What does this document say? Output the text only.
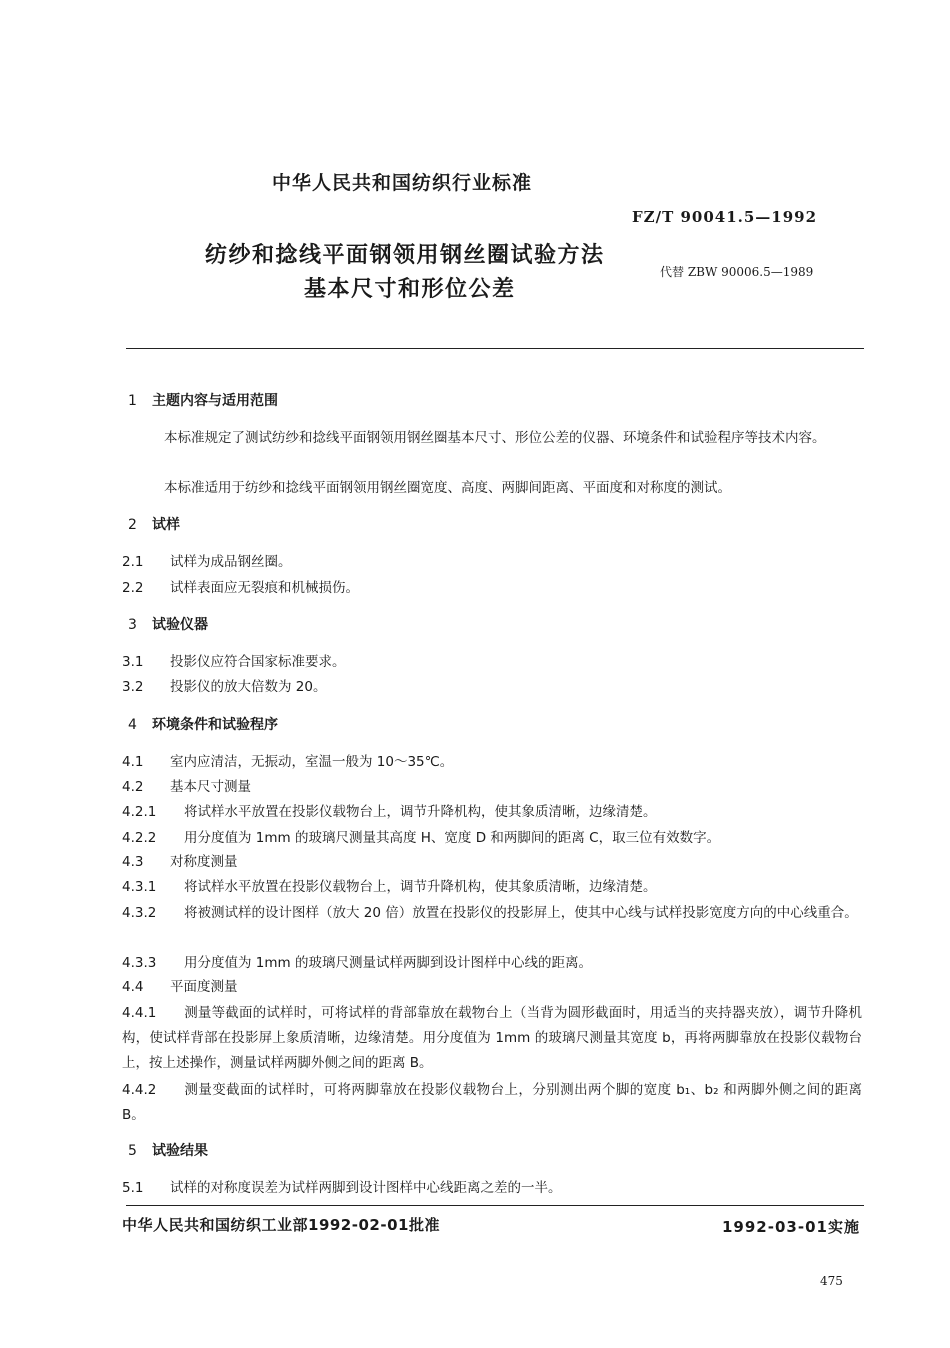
中华人民共和国纺织行业标准
FZ/T 90041.5—1992
纺纱和捻线平面钢领用钢丝圈试验方法
基本尺寸和形位公差
代替 ZBW 90006.5—1989
1 主题内容与适用范围
本标准规定了测试纺纱和捻线平面钢领用钢丝圈基本尺寸、形位公差的仪器、环境条件和试验程序等技术内容。
本标准适用于纺纱和捻线平面钢领用钢丝圈宽度、高度、两脚间距离、平面度和对称度的测试。
2 试样
2.1 试样为成品钢丝圈。
2.2 试样表面应无裂痕和机械损伤。
3 试验仪器
3.1 投影仪应符合国家标准要求。
3.2 投影仪的放大倍数为 20。
4 环境条件和试验程序
4.1 室内应清洁，无振动，室温一般为 10～35℃。
4.2 基本尺寸测量
4.2.1 将试样水平放置在投影仪载物台上，调节升降机构，使其象质清晰，边缘清楚。
4.2.2 用分度值为 1mm 的玻璃尺测量其高度 H、宽度 D 和两脚间的距离 C，取三位有效数字。
4.3 对称度测量
4.3.1 将试样水平放置在投影仪载物台上，调节升降机构，使其象质清晰，边缘清楚。
4.3.2 将被测试样的设计图样（放大 20 倍）放置在投影仪的投影屏上，使其中心线与试样投影宽度方向的中心线重合。
4.3.3 用分度值为 1mm 的玻璃尺测量试样两脚到设计图样中心线的距离。
4.4 平面度测量
4.4.1 测量等截面的试样时，可将试样的背部靠放在载物台上（当背为圆形截面时，用适当的夹持器夹放），调节升降机构，使试样背部在投影屏上象质清晰，边缘清楚。用分度值为 1mm 的玻璃尺测量其宽度 b，再将两脚靠放在投影仪载物台上，按上述操作，测量试样两脚外侧之间的距离 B。
4.4.2 测量变截面的试样时，可将两脚靠放在投影仪载物台上，分别测出两个脚的宽度 b₁、b₂ 和两脚外侧之间的距离 B。
5 试验结果
5.1 试样的对称度误差为试样两脚到设计图样中心线距离之差的一半。
中华人民共和国纺织工业部1992-02-01批准	1992-03-01实施
475
